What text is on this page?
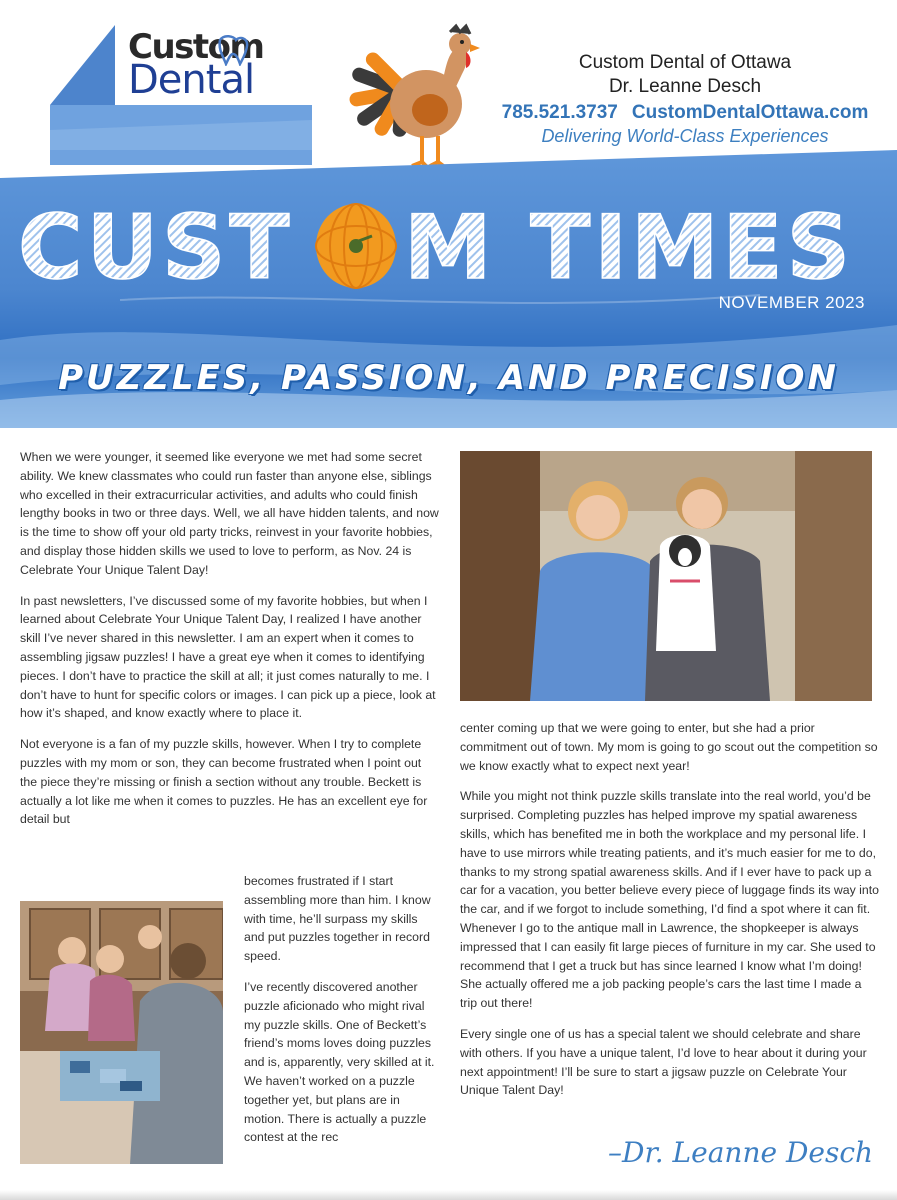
Custom
Dental	Custom Dental of Ottawa
Dr. Leanne Desch
785.521.3737 CustomDentalOttawa.com
Delivering World-Class Experiences
CUST M TIMES
NOVEMBER 2023
PUZZLES, PASSION, AND PRECISION

When we were younger, it seemed like everyone we met had some secret ability. We knew classmates who could run faster than anyone else, siblings who excelled in their extracurricular activities, and adults who could finish lengthy books in two or three days. Well, we all have hidden talents, and now is the time to show off your old party tricks, reinvest in your favorite hobbies, and display those hidden skills we used to love to perform, as Nov. 24 is Celebrate Your Unique Talent Day!

In past newsletters, I’ve discussed some of my favorite hobbies, but when I learned about Celebrate Your Unique Talent Day, I realized I have another skill I’ve never shared in this newsletter. I am an expert when it comes to assembling jigsaw puzzles! I have a great eye when it comes to identifying pieces. I don’t have to practice the skill at all; it just comes naturally to me. I don’t have to hunt for specific colors or images. I can pick up a piece, look at how it’s shaped, and know exactly where to place it.

Not everyone is a fan of my puzzle skills, however. When I try to complete puzzles with my mom or son, they can become frustrated when I point out the piece they’re missing or finish a section without any trouble. Beckett is actually a lot like me when it comes to puzzles. He has an excellent eye for detail but

becomes frustrated if I start assembling more than him. I know with time, he’ll surpass my skills and put puzzles together in record speed.

I’ve recently discovered another puzzle aficionado who might rival my puzzle skills. One of Beckett’s friend’s moms loves doing puzzles and is, apparently, very skilled at it. We haven’t worked on a puzzle together yet, but plans are in motion. There is actually a puzzle contest at the rec

center coming up that we were going to enter, but she had a prior commitment out of town. My mom is going to go scout out the competition so we know exactly what to expect next year!

While you might not think puzzle skills translate into the real world, you’d be surprised. Completing puzzles has helped improve my spatial awareness skills, which has benefited me in both the workplace and my personal life. I have to use mirrors while treating patients, and it’s much easier for me to do, thanks to my strong spatial awareness skills. And if I ever have to pack up a car for a vacation, you better believe every piece of luggage finds its way into the car, and if we forgot to include something, I’d find a spot where it can fit. Whenever I go to the antique mall in Lawrence, the shopkeeper is always impressed that I can easily fit large pieces of furniture in my car. She used to recommend that I get a truck but has since learned I know what I’m doing! She actually offered me a job packing people’s cars the last time I made a trip out there!

Every single one of us has a special talent we should celebrate and share with others. If you have a unique talent, I’d love to hear about it during your next appointment! I’ll be sure to start a jigsaw puzzle on Celebrate Your Unique Talent Day!

–Dr. Leanne Desch
